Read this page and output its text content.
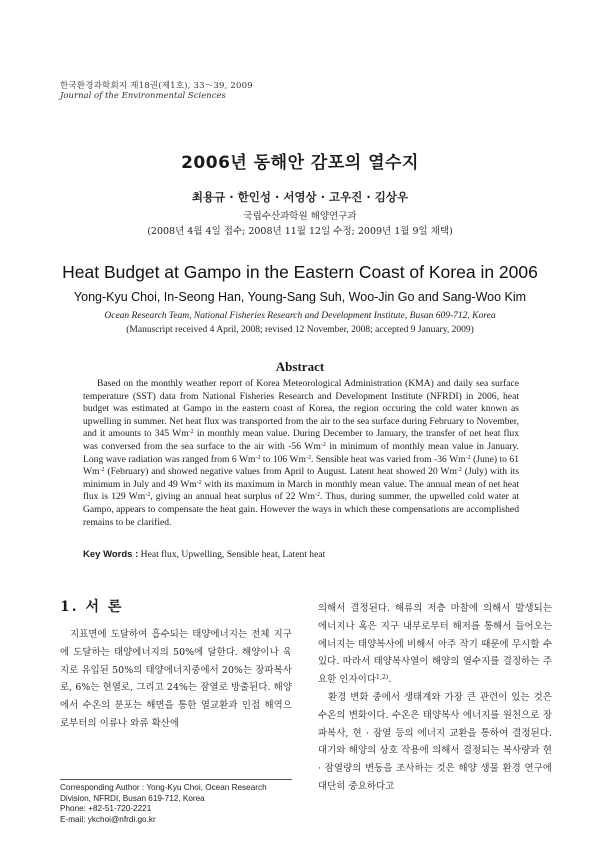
한국환경과학회지 제18권(제1호), 33～39, 2009
Journal of the Environmental Sciences
2006년 동해안 감포의 열수지
최용규 · 한인성 · 서영상 · 고우진 · 김상우
국립수산과학원 해양연구과
(2008년 4월 4일 접수; 2008년 11월 12일 수정; 2009년 1월 9일 채택)
Heat Budget at Gampo in the Eastern Coast of Korea in 2006
Yong-Kyu Choi, In-Seong Han, Young-Sang Suh, Woo-Jin Go and Sang-Woo Kim
Ocean Research Team, National Fisheries Research and Development Institute, Busan 609-712, Korea
(Manuscript received 4 April, 2008; revised 12 November, 2008; accepted 9 January, 2009)
Abstract

Based on the monthly weather report of Korea Meteorological Administration (KMA) and daily sea surface temperature (SST) data from National Fisheries Research and Development Institute (NFRDI) in 2006, heat budget was estimated at Gampo in the eastern coast of Korea, the region occuring the cold water known as upwelling in summer. Net heat flux was transported from the air to the sea surface during February to November, and it amounts to 345 $Wm^{-2}$ in monthly mean value. During December to January, the transfer of net heat flux was conversed from the sea surface to the air with -56 $Wm^{-2}$ in minimum of monthly mean value in January. Long wave radiation was ranged from 6 $Wm^{-2}$ to 106 $Wm^{-2}$. Sensible heat was varied from -36 $Wm^{-2}$ (June) to 61 $Wm^{-2}$ (February) and showed negative values from April to August. Latent heat showed 20 $Wm^{-2}$ (July) with its minimum in July and 49 $Wm^{-2}$ with its maximum in March in monthly mean value. The annual mean of net heat flux is 129 $Wm^{-2}$, giving an annual heat surplus of 22 $Wm^{-2}$. Thus, during summer, the upwelled cold water at Gampo, appears to compensate the heat gain. However the ways in which these compensations are accomplished remains to be clarified.

Key Words : Heat flux, Upwelling, Sensible heat, Latent heat
1. 서 론

지표면에 도달하여 흡수되는 태양에너지는 전체 지구에 도달하는 태양에너지의 50%에 달한다. 해양이나 육지로 유입된 50%의 태양에너지중에서 20%는 장파복사로, 6%는 현열로, 그리고 24%는 잠열로 방출된다. 해양에서 수온의 분포는 해면을 통한 열교환과 인접 해역으로부터의 이류나 와류 확산에

의해서 결정된다. 해류의 저층 마찰에 의해서 발생되는 에너지나 혹은 지구 내부로부터 해저를 통해서 들어오는 에너지는 태양복사에 비해서 아주 작기 때문에 무시할 수 있다. 따라서 태양복사열이 해양의 열수지를 결정하는 주요한 인자이다$^{1,2)}$.

환경 변화 중에서 생태계와 가장 큰 관련이 있는 것은 수온의 변화이다. 수온은 태양복사 에너지를 원천으로 장파복사, 현 · 잠열 등의 에너지 교환을 통하여 결정된다. 대기와 해양의 상호 작용에 의해서 결정되는 복사량과 현 · 잠열량의 변동을 조사하는 것은 해양 생물 환경 연구에 대단히 중요하다고

Corresponding Author : Yong-Kyu Choi, Ocean Research
Division, NFRDI, Busan 619-712, Korea
Phone: +82-51-720-2221
E-mail: ykchoi@nfrdi.go.kr
